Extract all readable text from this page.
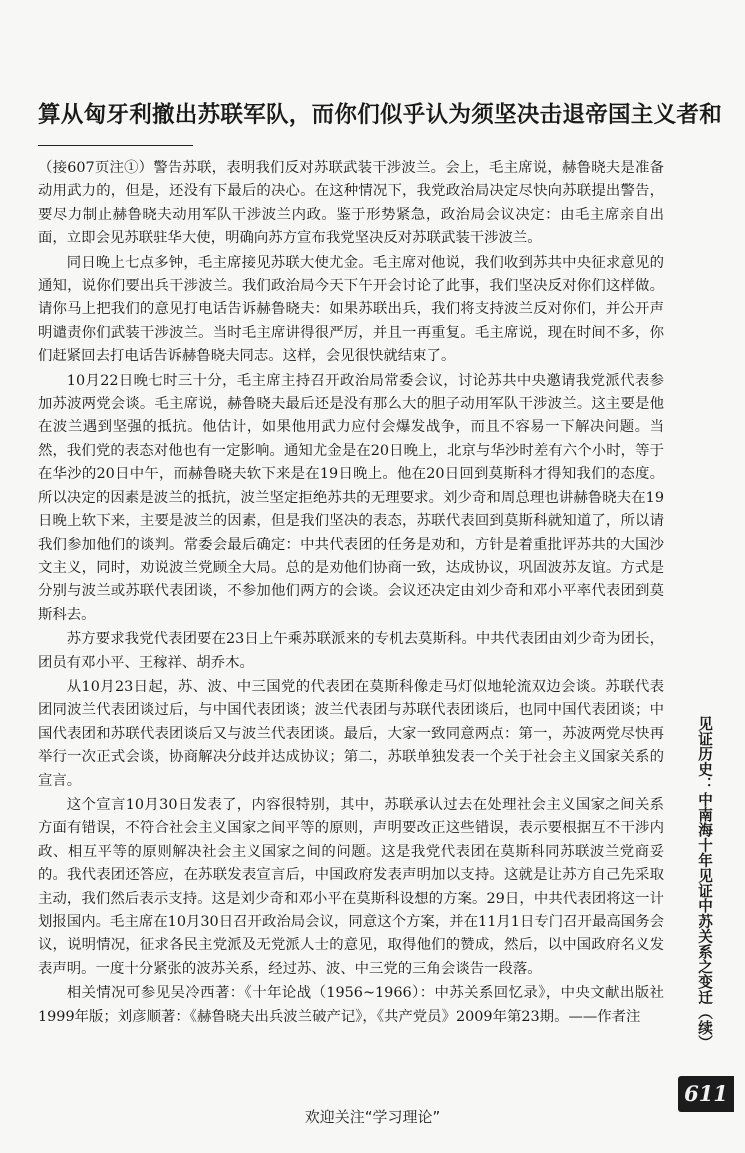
算从匈牙利撤出苏联军队，而你们似乎认为须坚决击退帝国主义者和

（接607页注①）警告苏联，表明我们反对苏联武装干涉波兰。会上，毛主席说，赫鲁晓夫是准备动用武力的，但是，还没有下最后的决心。在这种情况下，我党政治局决定尽快向苏联提出警告，要尽力制止赫鲁晓夫动用军队干涉波兰内政。鉴于形势紧急，政治局会议决定：由毛主席亲自出面，立即会见苏联驻华大使，明确向苏方宣布我党坚决反对苏联武装干涉波兰。

同日晚上七点多钟，毛主席接见苏联大使尤金。毛主席对他说，我们收到苏共中央征求意见的通知，说你们要出兵干涉波兰。我们政治局今天下午开会讨论了此事，我们坚决反对你们这样做。请你马上把我们的意见打电话告诉赫鲁晓夫：如果苏联出兵，我们将支持波兰反对你们，并公开声明谴责你们武装干涉波兰。当时毛主席讲得很严厉，并且一再重复。毛主席说，现在时间不多，你们赶紧回去打电话告诉赫鲁晓夫同志。这样，会见很快就结束了。

10月22日晚七时三十分，毛主席主持召开政治局常委会议，讨论苏共中央邀请我党派代表参加苏波两党会谈。毛主席说，赫鲁晓夫最后还是没有那么大的胆子动用军队干涉波兰。这主要是他在波兰遇到坚强的抵抗。他估计，如果他用武力应付会爆发战争，而且不容易一下解决问题。当然，我们党的表态对他也有一定影响。通知尤金是在20日晚上，北京与华沙时差有六个小时，等于在华沙的20日中午，而赫鲁晓夫软下来是在19日晚上。他在20日回到莫斯科才得知我们的态度。所以决定的因素是波兰的抵抗，波兰坚定拒绝苏共的无理要求。刘少奇和周总理也讲赫鲁晓夫在19日晚上软下来，主要是波兰的因素，但是我们坚决的表态，苏联代表回到莫斯科就知道了，所以请我们参加他们的谈判。常委会最后确定：中共代表团的任务是劝和，方针是着重批评苏共的大国沙文主义，同时，劝说波兰党顾全大局。总的是劝他们协商一致，达成协议，巩固波苏友谊。方式是分别与波兰或苏联代表团谈，不参加他们两方的会谈。会议还决定由刘少奇和邓小平率代表团到莫斯科去。

苏方要求我党代表团要在23日上午乘苏联派来的专机去莫斯科。中共代表团由刘少奇为团长，团员有邓小平、王稼祥、胡乔木。

从10月23日起，苏、波、中三国党的代表团在莫斯科像走马灯似地轮流双边会谈。苏联代表团同波兰代表团谈过后，与中国代表团谈；波兰代表团与苏联代表团谈后，也同中国代表团谈；中国代表团和苏联代表团谈后又与波兰代表团谈。最后，大家一致同意两点：第一，苏波两党尽快再举行一次正式会谈，协商解决分歧并达成协议；第二，苏联单独发表一个关于社会主义国家关系的宣言。

这个宣言10月30日发表了，内容很特别，其中，苏联承认过去在处理社会主义国家之间关系方面有错误，不符合社会主义国家之间平等的原则，声明要改正这些错误，表示要根据互不干涉内政、相互平等的原则解决社会主义国家之间的问题。这是我党代表团在莫斯科同苏联波兰党商妥的。我代表团还答应，在苏联发表宣言后，中国政府发表声明加以支持。这就是让苏方自己先采取主动，我们然后表示支持。这是刘少奇和邓小平在莫斯科设想的方案。29日，中共代表团将这一计划报国内。毛主席在10月30日召开政治局会议，同意这个方案，并在11月1日专门召开最高国务会议，说明情况，征求各民主党派及无党派人士的意见，取得他们的赞成，然后，以中国政府名义发表声明。一度十分紧张的波苏关系，经过苏、波、中三党的三角会谈告一段落。

相关情况可参见吴冷西著：《十年论战（1956~1966）：中苏关系回忆录》，中央文献出版社1999年版；刘彦顺著：《赫鲁晓夫出兵波兰破产记》，《共产党员》2009年第23期。——作者注	见证历史：中南海十年见证中苏关系之变迁（续）
611
欢迎关注“学习理论”
